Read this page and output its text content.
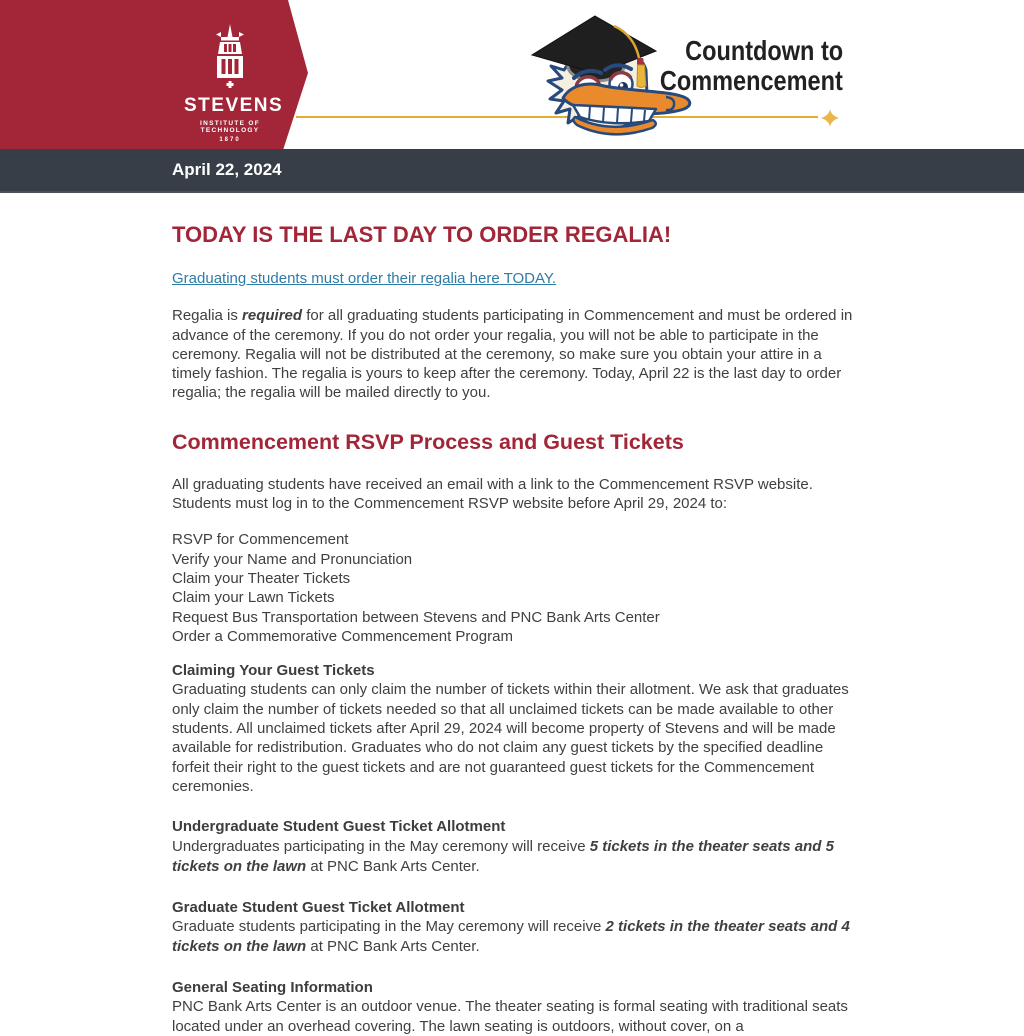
STEVENS
INSTITUTE OF TECHNOLOGY
1870
Countdown to
Commencement
April 22, 2024
TODAY IS THE LAST DAY TO ORDER REGALIA!
Graduating students must order their regalia here TODAY.

Regalia is required for all graduating students participating in Commencement and must be ordered in advance of the ceremony. If you do not order your regalia, you will not be able to participate in the ceremony. Regalia will not be distributed at the ceremony, so make sure you obtain your attire in a timely fashion. The regalia is yours to keep after the ceremony. Today, April 22 is the last day to order regalia; the regalia will be mailed directly to you.

Commencement RSVP Process and Guest Tickets

All graduating students have received an email with a link to the Commencement RSVP website. Students must log in to the Commencement RSVP website before April 29, 2024 to:

RSVP for Commencement
Verify your Name and Pronunciation
Claim your Theater Tickets
Claim your Lawn Tickets
Request Bus Transportation between Stevens and PNC Bank Arts Center
Order a Commemorative Commencement Program
Claiming Your Guest Tickets
Graduating students can only claim the number of tickets within their allotment. We ask that graduates only claim the number of tickets needed so that all unclaimed tickets can be made available to other students. All unclaimed tickets after April 29, 2024 will become property of Stevens and will be made available for redistribution. Graduates who do not claim any guest tickets by the specified deadline forfeit their right to the guest tickets and are not guaranteed guest tickets for the Commencement ceremonies.
Undergraduate Student Guest Ticket Allotment
Undergraduates participating in the May ceremony will receive 5 tickets in the theater seats and 5 tickets on the lawn at PNC Bank Arts Center.
Graduate Student Guest Ticket Allotment
Graduate students participating in the May ceremony will receive 2 tickets in the theater seats and 4 tickets on the lawn at PNC Bank Arts Center.
General Seating Information
PNC Bank Arts Center is an outdoor venue. The theater seating is formal seating with traditional seats located under an overhead covering. The lawn seating is outdoors, without cover, on a
